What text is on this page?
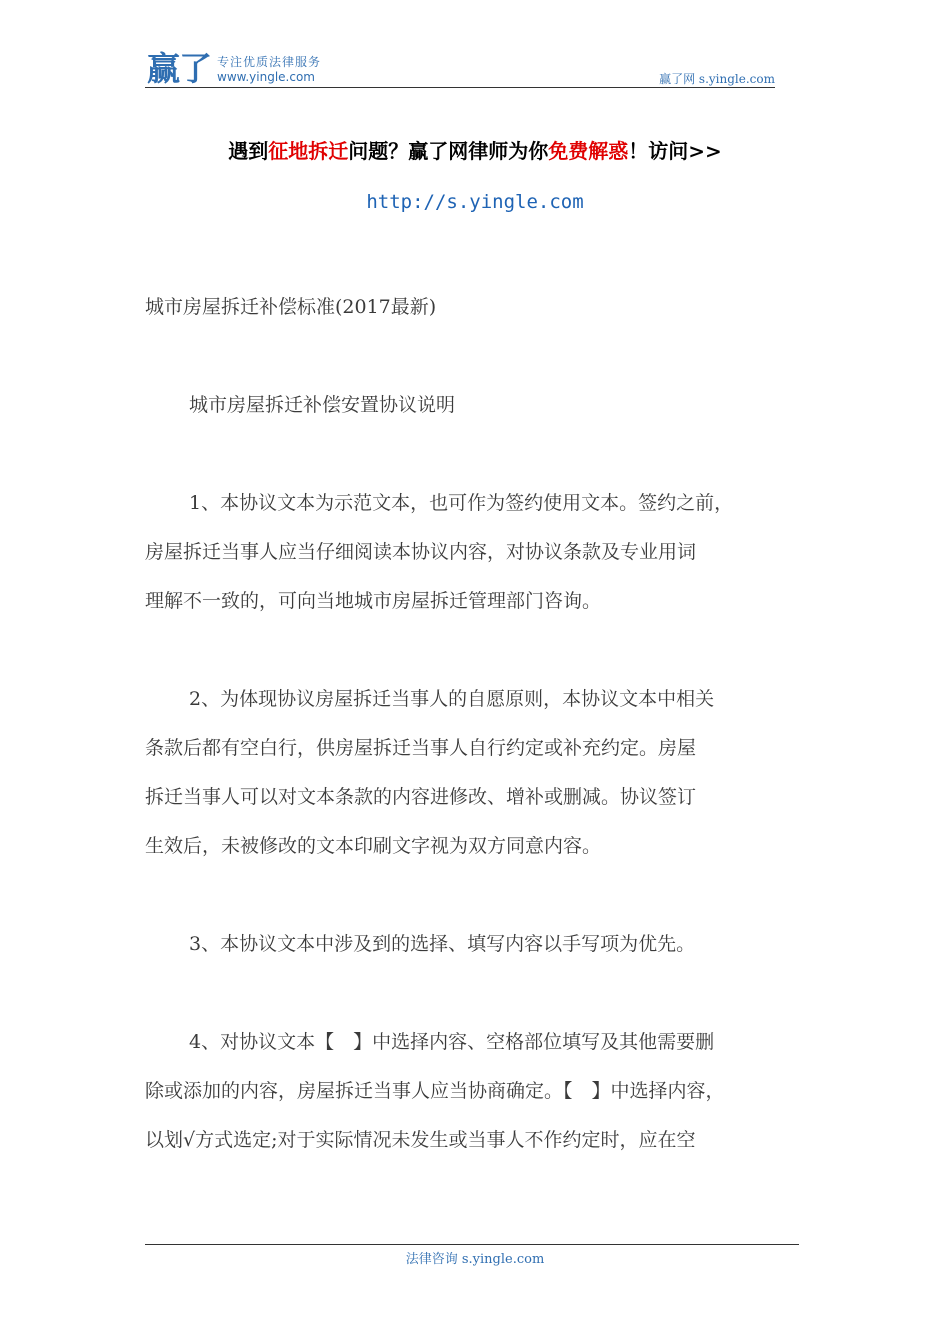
赢了 专注优质法律服务
www.yingle.com	赢了网 s.yingle.com
遇到征地拆迁问题？赢了网律师为你免费解惑！访问>>
http://s.yingle.com

城市房屋拆迁补偿标准(2017最新)

城市房屋拆迁补偿安置协议说明

1、本协议文本为示范文本，也可作为签约使用文本。签约之前，

房屋拆迁当事人应当仔细阅读本协议内容，对协议条款及专业用词

理解不一致的，可向当地城市房屋拆迁管理部门咨询。

2、为体现协议房屋拆迁当事人的自愿原则，本协议文本中相关

条款后都有空白行，供房屋拆迁当事人自行约定或补充约定。房屋

拆迁当事人可以对文本条款的内容进修改、增补或删减。协议签订

生效后，未被修改的文本印刷文字视为双方同意内容。

3、本协议文本中涉及到的选择、填写内容以手写项为优先。

4、对协议文本【　】中选择内容、空格部位填写及其他需要删

除或添加的内容，房屋拆迁当事人应当协商确定。【　】中选择内容，

以划√方式选定;对于实际情况未发生或当事人不作约定时，应在空

法律咨询 s.yingle.com
